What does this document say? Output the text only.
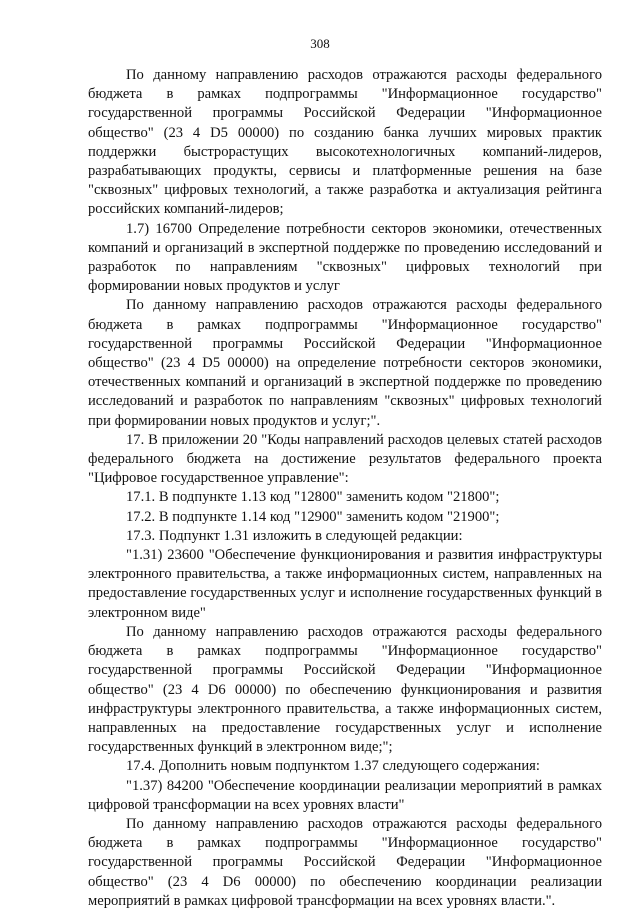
308

По данному направлению расходов отражаются расходы федерального бюджета в рамках подпрограммы "Информационное государство" государственной программы Российской Федерации "Информационное общество" (23 4 D5 00000) по созданию банка лучших мировых практик поддержки быстрорастущих высокотехнологичных компаний-лидеров, разрабатывающих продукты, сервисы и платформенные решения на базе "сквозных" цифровых технологий, а также разработка и актуализация рейтинга российских компаний-лидеров;

1.7) 16700 Определение потребности секторов экономики, отечественных компаний и организаций в экспертной поддержке по проведению исследований и разработок по направлениям "сквозных" цифровых технологий при формировании новых продуктов и услуг

По данному направлению расходов отражаются расходы федерального бюджета в рамках подпрограммы "Информационное государство" государственной программы Российской Федерации "Информационное общество" (23 4 D5 00000) на определение потребности секторов экономики, отечественных компаний и организаций в экспертной поддержке по проведению исследований и разработок по направлениям "сквозных" цифровых технологий при формировании новых продуктов и услуг;".

17. В приложении 20 "Коды направлений расходов целевых статей расходов федерального бюджета на достижение результатов федерального проекта "Цифровое государственное управление":

17.1. В подпункте 1.13 код "12800" заменить кодом "21800";

17.2. В подпункте 1.14 код "12900" заменить кодом "21900";

17.3. Подпункт 1.31 изложить в следующей редакции:

"1.31) 23600 "Обеспечение функционирования и развития инфраструктуры электронного правительства, а также информационных систем, направленных на предоставление государственных услуг и исполнение государственных функций в электронном виде"

По данному направлению расходов отражаются расходы федерального бюджета в рамках подпрограммы "Информационное государство" государственной программы Российской Федерации "Информационное общество" (23 4 D6 00000) по обеспечению функционирования и развития инфраструктуры электронного правительства, а также информационных систем, направленных на предоставление государственных услуг и исполнение государственных функций в электронном виде;";

17.4. Дополнить новым подпунктом 1.37 следующего содержания:

"1.37) 84200 "Обеспечение координации реализации мероприятий в рамках цифровой трансформации на всех уровнях власти"

По данному направлению расходов отражаются расходы федерального бюджета в рамках подпрограммы "Информационное государство" государственной программы Российской Федерации "Информационное общество" (23 4 D6 00000) по обеспечению координации реализации мероприятий в рамках цифровой трансформации на всех уровнях власти.".
